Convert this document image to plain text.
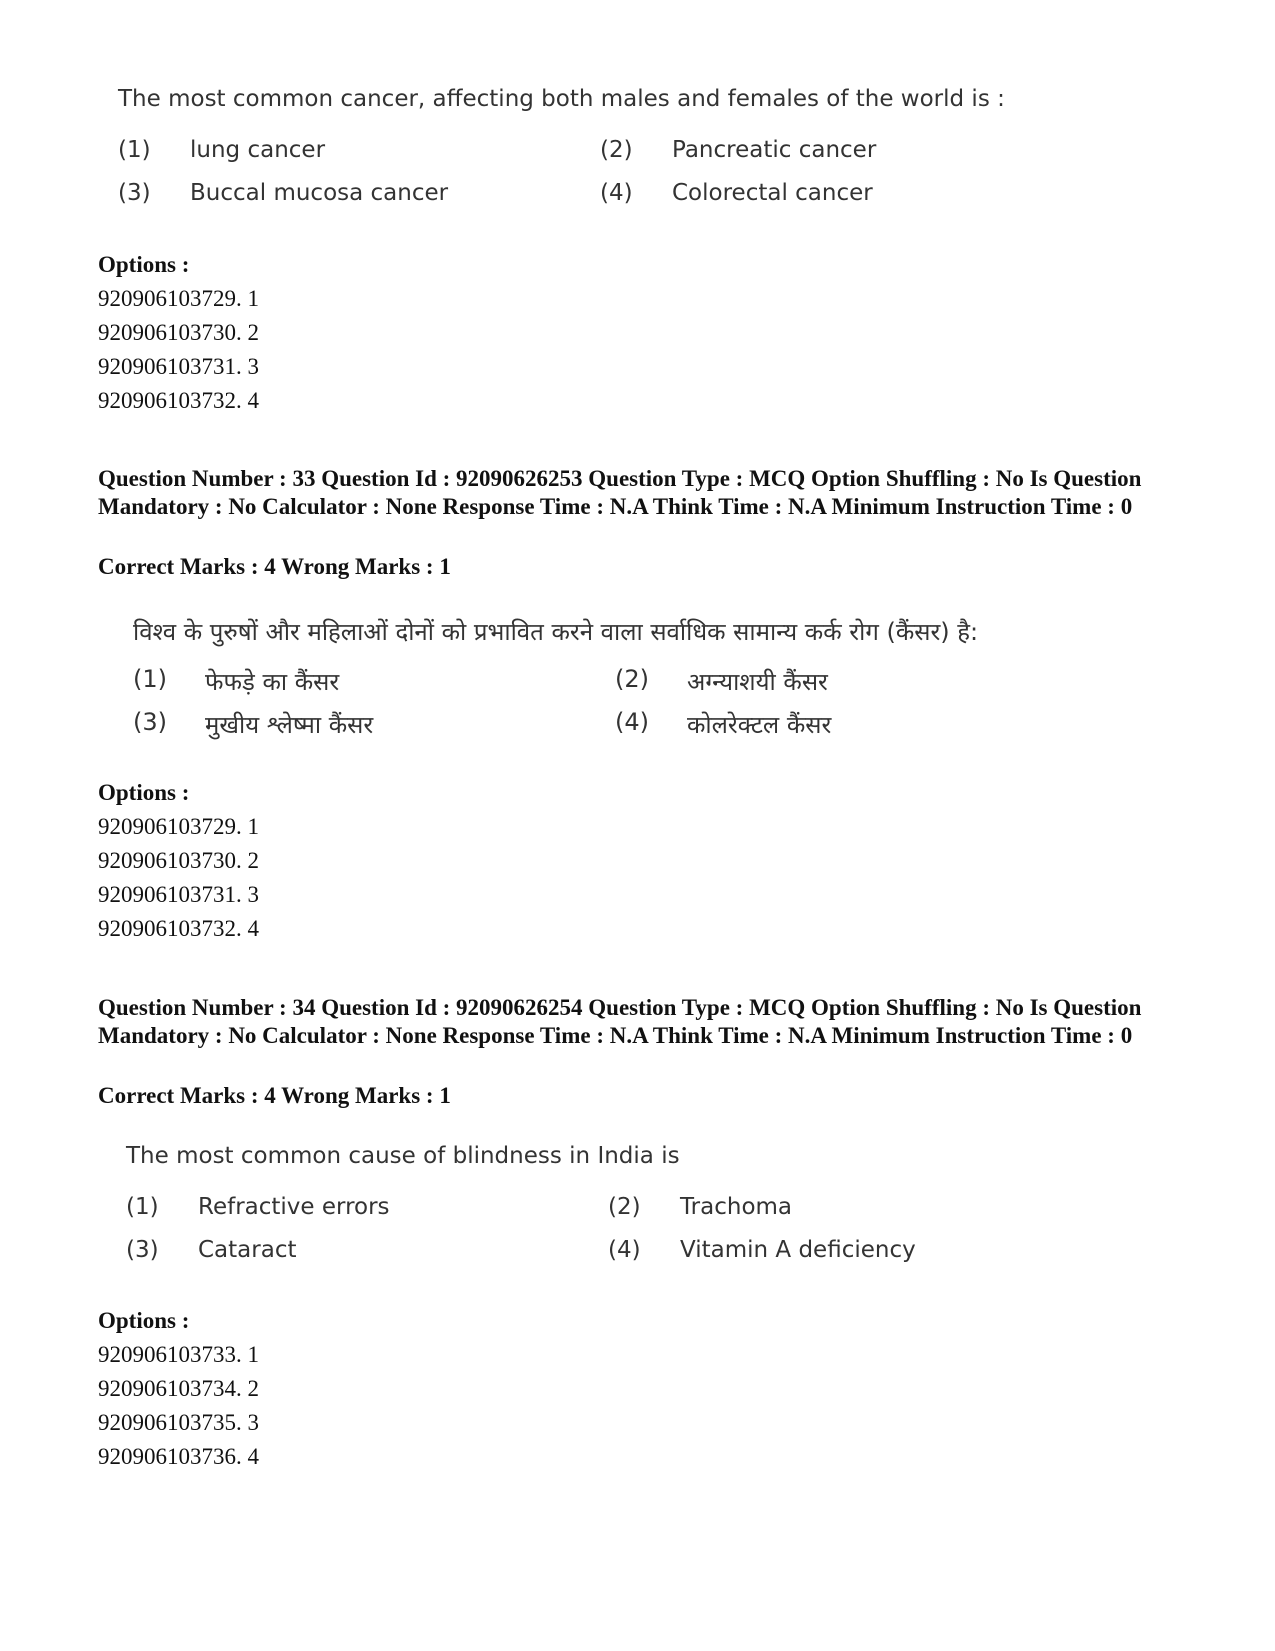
The most common cancer, affecting both males and females of the world is :
(1) lung cancer	(2) Pancreatic cancer
(3) Buccal mucosa cancer	(4) Colorectal cancer
Options :
920906103729. 1
920906103730. 2
920906103731. 3
920906103732. 4
Question Number : 33 Question Id : 92090626253 Question Type : MCQ Option Shuffling : No Is Question Mandatory : No Calculator : None Response Time : N.A Think Time : N.A Minimum Instruction Time : 0
Correct Marks : 4 Wrong Marks : 1
विश्व के पुरुषों और महिलाओं दोनों को प्रभावित करने वाला सर्वाधिक सामान्य कर्क रोग (कैंसर) है:
(1) फेफड़े का कैंसर	(2) अग्न्याशयी कैंसर
(3) मुखीय श्लेष्मा कैंसर	(4) कोलरेक्टल कैंसर
Options :
920906103729. 1
920906103730. 2
920906103731. 3
920906103732. 4
Question Number : 34 Question Id : 92090626254 Question Type : MCQ Option Shuffling : No Is Question Mandatory : No Calculator : None Response Time : N.A Think Time : N.A Minimum Instruction Time : 0
Correct Marks : 4 Wrong Marks : 1
The most common cause of blindness in India is
(1) Refractive errors	(2) Trachoma
(3) Cataract	(4) Vitamin A deficiency
Options :
920906103733. 1
920906103734. 2
920906103735. 3
920906103736. 4
